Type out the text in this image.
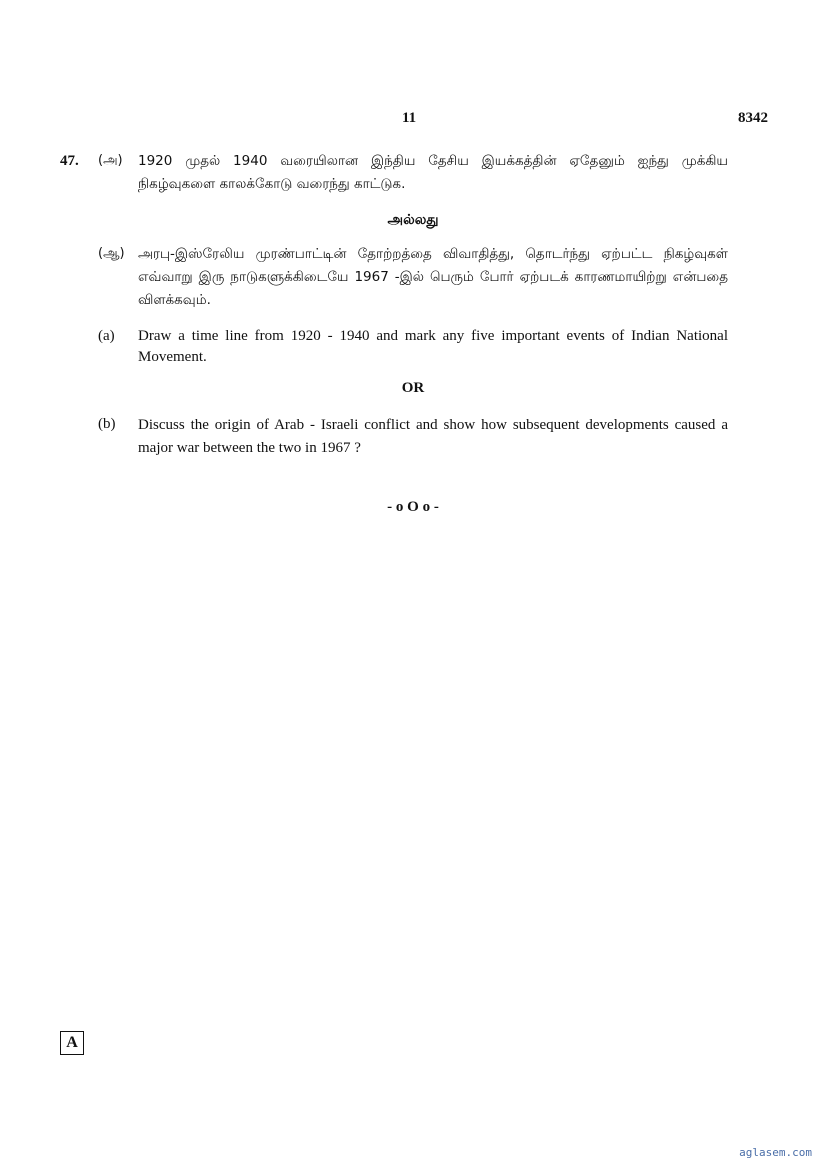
11	8342
47. (அ) 1920 முதல் 1940 வரையிலான இந்திய தேசிய இயக்கத்தின் ஏதேனும் ஐந்து முக்கிய நிகழ்வுகளை காலக்கோடு வரைந்து காட்டுக.
அல்லது
(ஆ) அரபு-இஸ்ரேலிய முரண்பாட்டின் தோற்றத்தை விவாதித்து, தொடர்ந்து ஏற்பட்ட நிகழ்வுகள் எவ்வாறு இரு நாடுகளுக்கிடையே 1967 -இல் பெரும் போர் ஏற்படக் காரணமாயிற்று என்பதை விளக்கவும்.
(a) Draw a time line from 1920 - 1940 and mark any five important events of Indian National Movement.
OR
(b) Discuss the origin of Arab - Israeli conflict and show how subsequent developments caused a major war between the two in 1967 ?
- o O o -
A
aglasem.com
